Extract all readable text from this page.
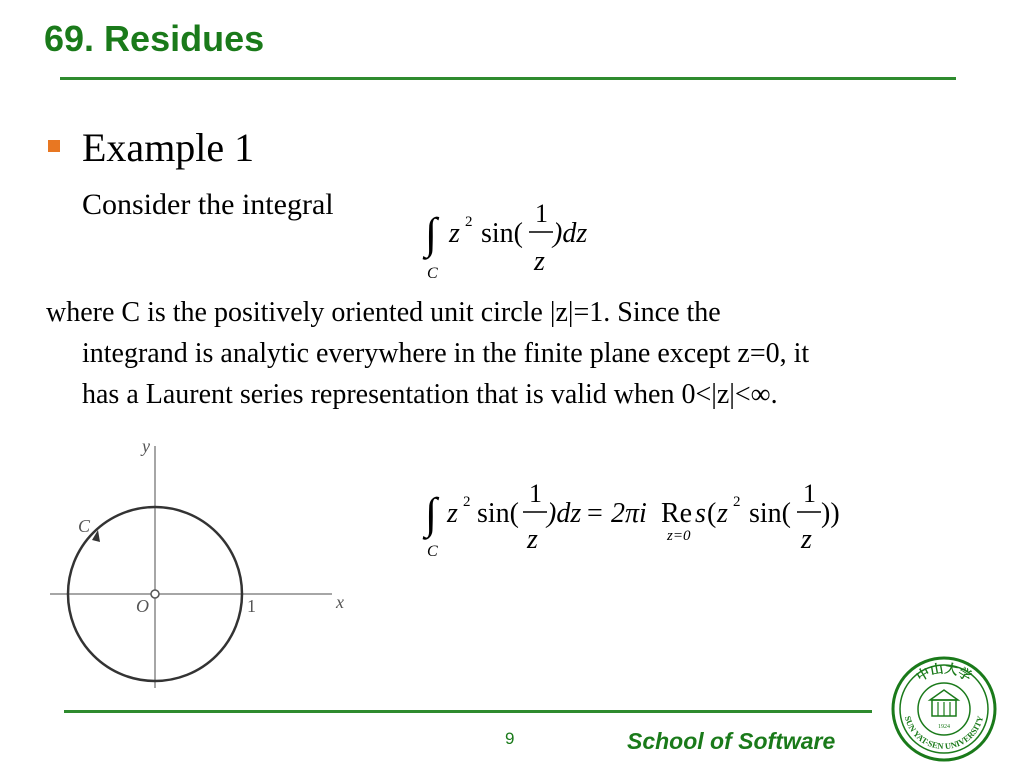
69. Residues
Example 1
Consider the integral
∫
C
z 2 sin(
1
z
)dz
where C is the positively oriented unit circle |z|=1. Since the
integrand is analytic everywhere in the finite plane except z=0, it
has a Laurent series representation that is valid when 0<|z|<∞.
y
x
O	1
C	∫
C
z 2 sin(
1
z
)dz = 2πi Re s
z=0
( z 2 sin(
1
z
))
9	School of Software
中山大学
SUN YAT-SEN UNIVERSITY
1924
